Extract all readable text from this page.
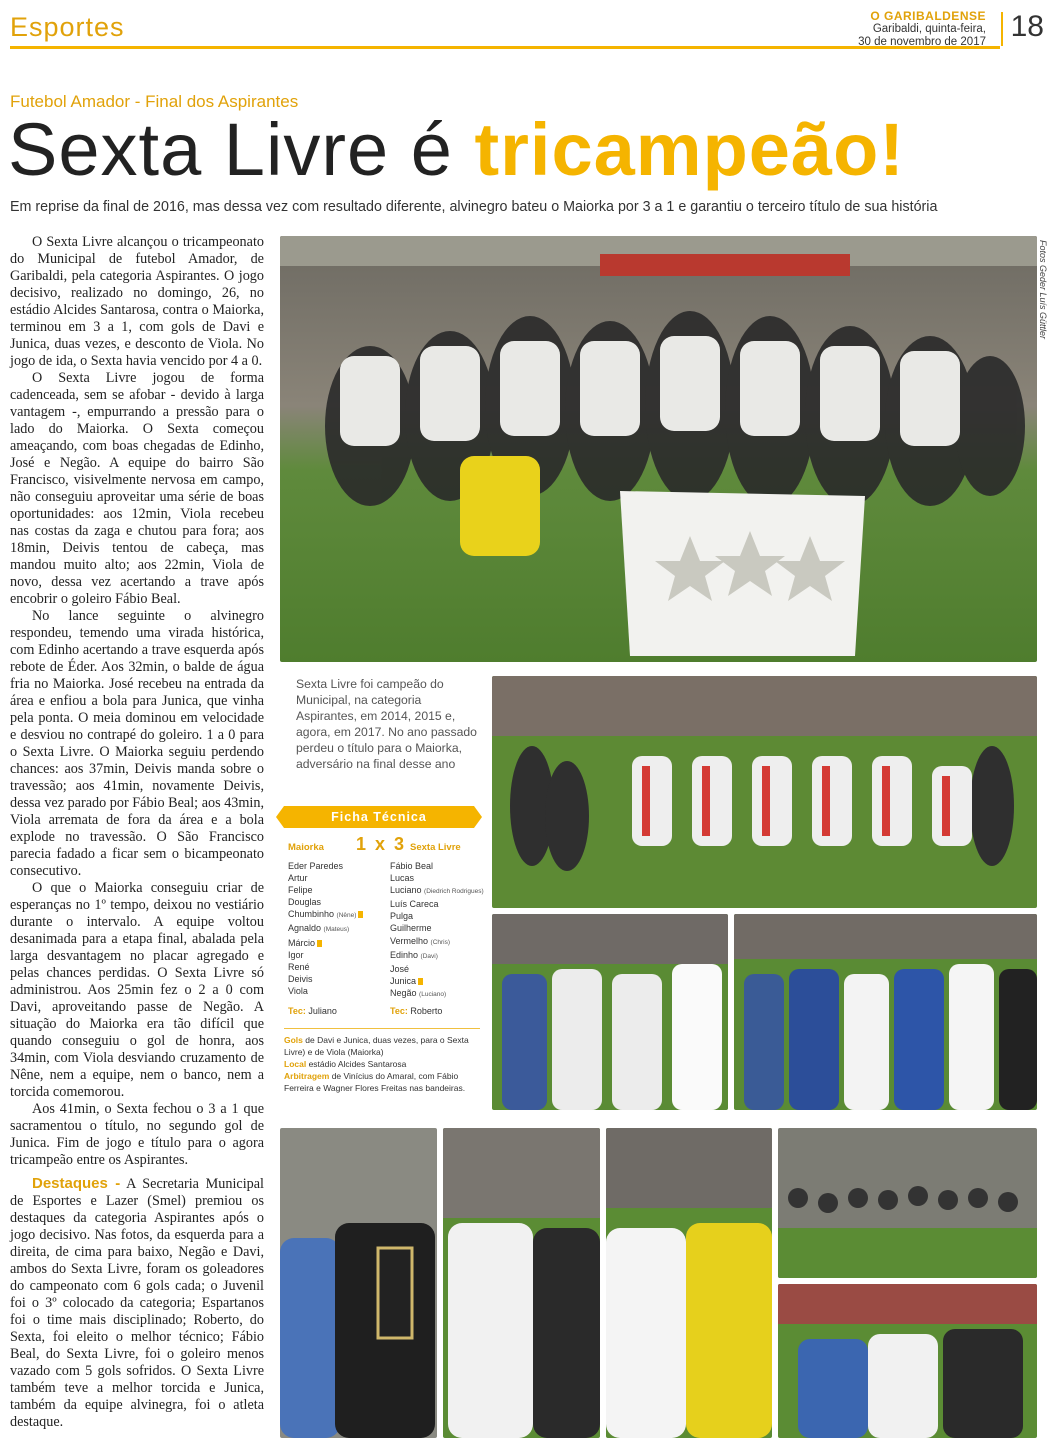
Esportes	O GARIBALDENSE
Garibaldi, quinta-feira,
30 de novembro de 2017 18
Futebol Amador - Final dos Aspirantes
Sexta Livre é tricampeão!
Em reprise da final de 2016, mas dessa vez com resultado diferente, alvinegro bateu o Maiorka por 3 a 1 e garantiu o terceiro título de sua história

O Sexta Livre alcançou o tricampeonato do Municipal de futebol Amador, de Garibaldi, pela categoria Aspirantes. O jogo decisivo, realizado no domingo, 26, no estádio Alcides Santarosa, contra o Maiorka, terminou em 3 a 1, com gols de Davi e Junica, duas vezes, e desconto de Viola. No jogo de ida, o Sexta havia vencido por 4 a 0.

O Sexta Livre jogou de forma cadenceada, sem se afobar - devido à larga vantagem -, empurrando a pressão para o lado do Maiorka. O Sexta começou ameaçando, com boas chegadas de Edinho, José e Negão. A equipe do bairro São Francisco, visivelmente nervosa em campo, não conseguiu aproveitar uma série de boas oportunidades: aos 12min, Viola recebeu nas costas da zaga e chutou para fora; aos 18min, Deivis tentou de cabeça, mas mandou muito alto; aos 22min, Viola de novo, dessa vez acertando a trave após encobrir o goleiro Fábio Beal.

No lance seguinte o alvinegro respondeu, temendo uma virada histórica, com Edinho acertando a trave esquerda após rebote de Éder. Aos 32min, o balde de água fria no Maiorka. José recebeu na entrada da área e enfiou a bola para Junica, que vinha pela ponta. O meia dominou em velocidade e desviou no contrapé do goleiro. 1 a 0 para o Sexta Livre. O Maiorka seguiu perdendo chances: aos 37min, Deivis manda sobre o travessão; aos 41min, novamente Deivis, dessa vez parado por Fábio Beal; aos 43min, Viola arremata de fora da área e a bola explode no travessão. O São Francisco parecia fadado a ficar sem o bicampeonato consecutivo.

O que o Maiorka conseguiu criar de esperanças no 1º tempo, deixou no vestiário durante o intervalo. A equipe voltou desanimada para a etapa final, abalada pela larga desvantagem no placar agregado e pelas chances perdidas. O Sexta Livre só administrou. Aos 25min fez o 2 a 0 com Davi, aproveitando passe de Negão. A situação do Maiorka era tão difícil que quando conseguiu o gol de honra, aos 34min, com Viola desviando cruzamento de Nêne, nem a equipe, nem o banco, nem a torcida comemorou.

Aos 41min, o Sexta fechou o 3 a 1 que sacramentou o título, no segundo gol de Junica. Fim de jogo e título para o agora tricampeão entre os Aspirantes.

Destaques - A Secretaria Municipal de Esportes e Lazer (Smel) premiou os destaques da categoria Aspirantes após o jogo decisivo. Nas fotos, da esquerda para a direita, de cima para baixo, Negão e Davi, ambos do Sexta Livre, foram os goleadores do campeonato com 6 gols cada; o Juvenil foi o 3º colocado da categoria; Espartanos foi o time mais disciplinado; Roberto, do Sexta, foi eleito o melhor técnico; Fábio Beal, do Sexta Livre, foi o goleiro menos vazado com 5 gols sofridos. O Sexta Livre também teve a melhor torcida e Junica, também da equipe alvinegra, foi o atleta destaque.

Fotos Geder Luís Güttler
Sexta Livre foi campeão do Municipal, na categoria Aspirantes, em 2014, 2015 e, agora, em 2017. No ano passado perdeu o título para o Maiorka, adversário na final desse ano
Ficha Técnica
Maiorka 1 x 3 Sexta Livre
Eder Paredes
Artur
Felipe
Douglas
Chumbinho (Nêne)
Agnaldo (Mateus)
Márcio
Igor
René
Deivis
Viola
Fábio Beal
Lucas
Luciano (Diedrich Rodrigues)
Luís Careca
Pulga
Guilherme
Vermelho (Chris)
Edinho (Davi)
José
Junica
Negão (Luciano)
Tec: Juliano	Tec: Roberto
Gols de Davi e Junica, duas vezes, para o Sexta Livre) e de Viola (Maiorka)
Local estádio Alcides Santarosa
Arbitragem de Vinícius do Amaral, com Fábio Ferreira e Wagner Flores Freitas nas bandeiras.
